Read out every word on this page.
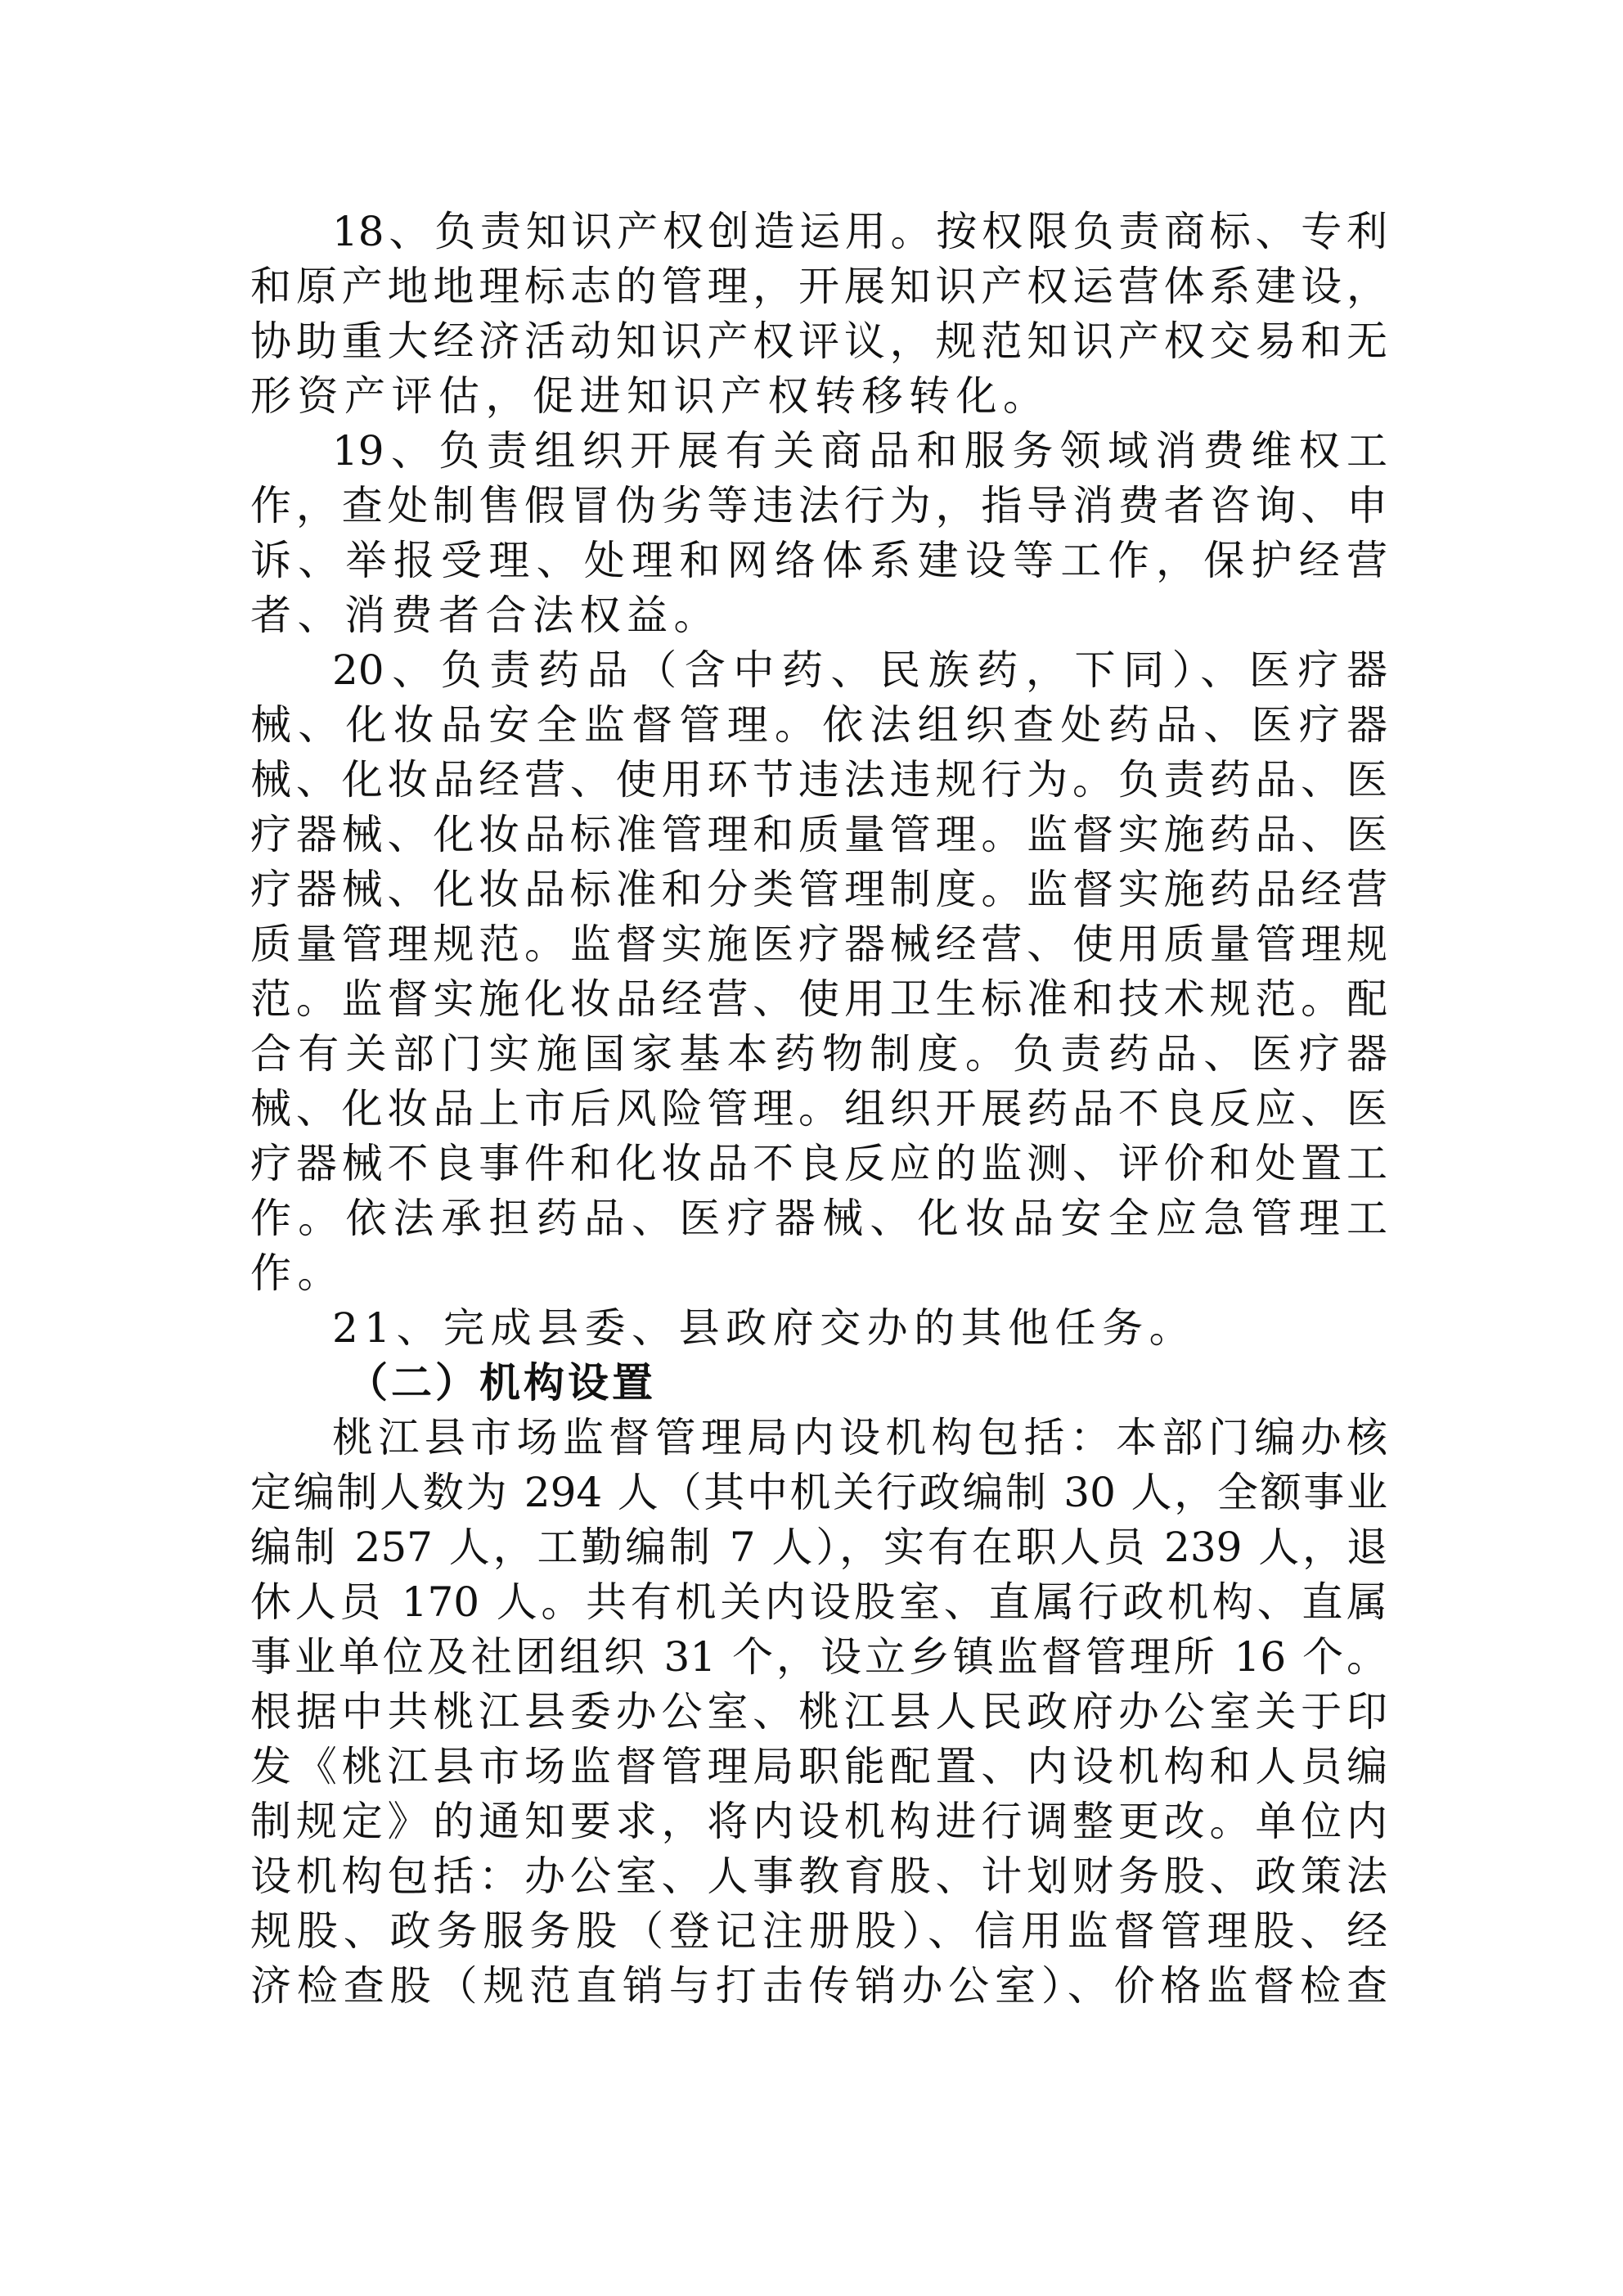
18、负责知识产权创造运用。按权限负责商标、专利
和原产地地理标志的管理，开展知识产权运营体系建设，
协助重大经济活动知识产权评议，规范知识产权交易和无
形资产评估，促进知识产权转移转化。
19、负责组织开展有关商品和服务领域消费维权工
作，查处制售假冒伪劣等违法行为，指导消费者咨询、申
诉、举报受理、处理和网络体系建设等工作，保护经营
者、消费者合法权益。
20、负责药品（含中药、民族药，下同）、医疗器
械、化妆品安全监督管理。依法组织查处药品、医疗器
械、化妆品经营、使用环节违法违规行为。负责药品、医
疗器械、化妆品标准管理和质量管理。监督实施药品、医
疗器械、化妆品标准和分类管理制度。监督实施药品经营
质量管理规范。监督实施医疗器械经营、使用质量管理规
范。监督实施化妆品经营、使用卫生标准和技术规范。配
合有关部门实施国家基本药物制度。负责药品、医疗器
械、化妆品上市后风险管理。组织开展药品不良反应、医
疗器械不良事件和化妆品不良反应的监测、评价和处置工
作。依法承担药品、医疗器械、化妆品安全应急管理工
作。
21、完成县委、县政府交办的其他任务。
（二）机构设置
桃江县市场监督管理局内设机构包括：本部门编办核
定编制人数为 294 人（其中机关行政编制 30 人，全额事业
编制 257 人，工勤编制 7 人），实有在职人员 239 人，退
休人员 170 人。共有机关内设股室、直属行政机构、直属
事业单位及社团组织 31 个，设立乡镇监督管理所 16 个。
根据中共桃江县委办公室、桃江县人民政府办公室关于印
发《桃江县市场监督管理局职能配置、内设机构和人员编
制规定》的通知要求，将内设机构进行调整更改。单位内
设机构包括：办公室、人事教育股、计划财务股、政策法
规股、政务服务股（登记注册股）、信用监督管理股、经
济检查股（规范直销与打击传销办公室）、价格监督检查
